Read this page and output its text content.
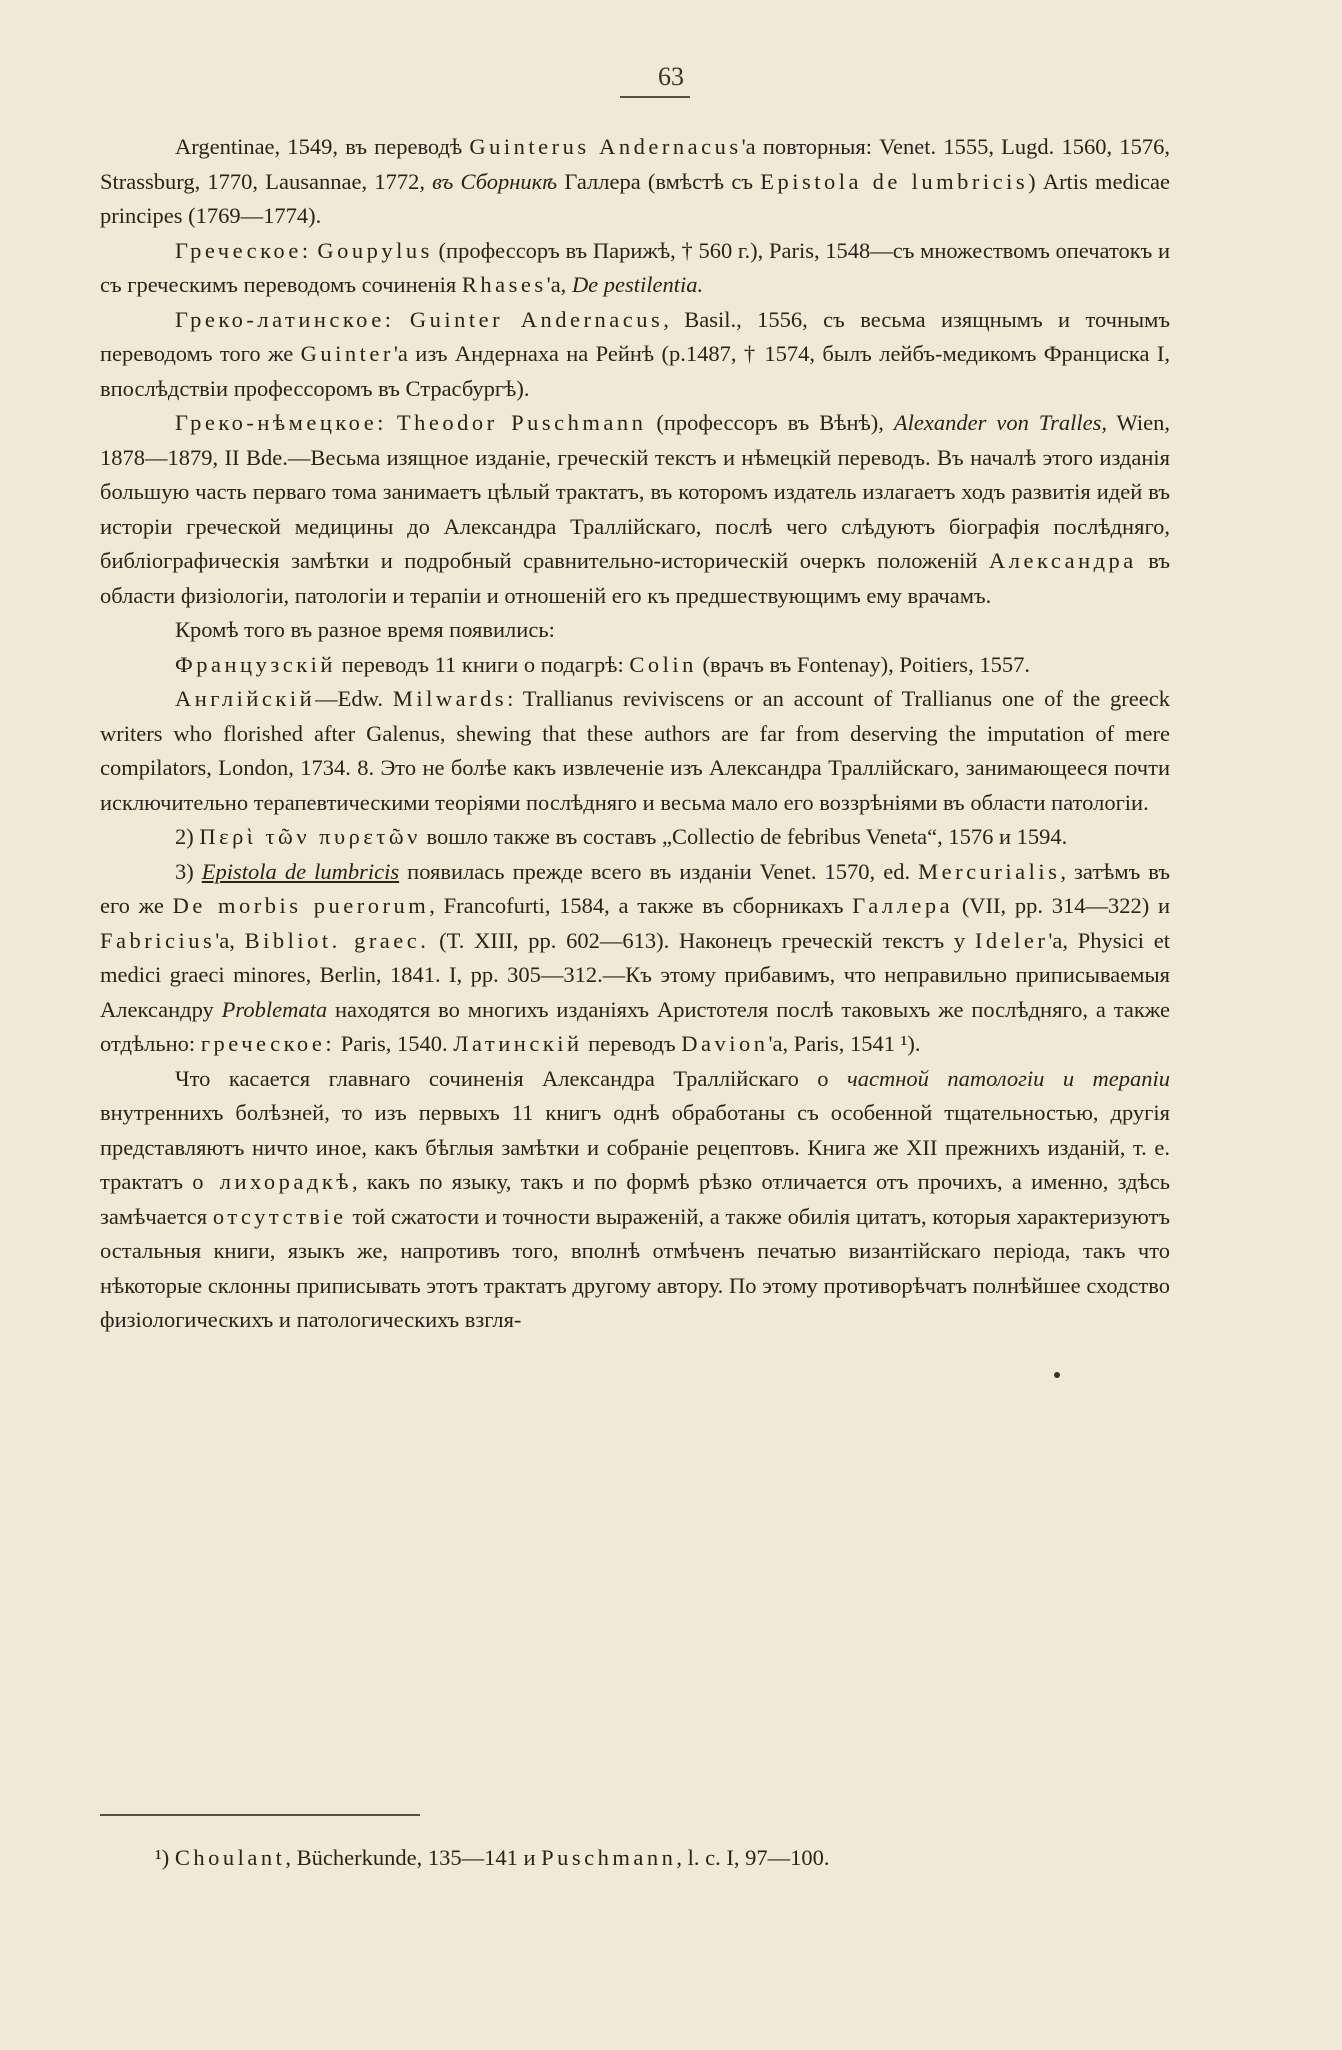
63

Argentinae, 1549, въ переводѣ Guinterus Andernacus'а повторныя: Venet. 1555, Lugd. 1560, 1576, Strassburg, 1770, Lausannae, 1772, въ Сборникѣ Галлера (вмѣстѣ съ Epistola de lumbricis) Artis medicae principes (1769—1774).

Греческое: Goupylus (профессоръ въ Парижѣ, † 560 г.), Paris, 1548—съ множествомъ опечатокъ и съ греческимъ переводомъ сочиненія Rhases'а, De pestilentia.

Греко-латинское: Guinter Andernacus, Basil., 1556, съ весьма изящнымъ и точнымъ переводомъ того же Guinter'а изъ Андернаха на Рейнѣ (р.1487, † 1574, былъ лейбъ-медикомъ Франциска I, впослѣдствіи профессоромъ въ Страсбургѣ).

Греко-нѣмецкое: Theodor Puschmann (профессоръ въ Вѣнѣ), Alexander von Tralles, Wien, 1878—1879, II Bde.—Весьма изящное изданіе, греческій текстъ и нѣмецкій переводъ. Въ началѣ этого изданія большую часть перваго тома занимаетъ цѣлый трактатъ, въ которомъ издатель излагаетъ ходъ развитія идей въ исторіи греческой медицины до Александра Траллійскаго, послѣ чего слѣдуютъ біографія послѣдняго, библіографическія замѣтки и подробный сравнительно-историческій очеркъ положеній Александра въ области физіологіи, патологіи и терапіи и отношеній его къ предшествующимъ ему врачамъ.

Кромѣ того въ разное время появились:

Французскій переводъ 11 книги о подагрѣ: Colin (врачъ въ Fontenay), Poitiers, 1557.

Англійскій—Edw. Milwards: Trallianus reviviscens or an account of Trallianus one of the greeck writers who florished after Galenus, shewing that these authors are far from deserving the imputation of mere compilators, London, 1734. 8. Это не болѣе какъ извлеченіе изъ Александра Траллійскаго, занимающееся почти исключительно терапевтическими теоріями послѣдняго и весьма мало его воззрѣніями въ области патологіи.

2) Περὶ τῶν πυρετῶν вошло также въ составъ „Collectio de febribus Veneta“, 1576 и 1594.

3) Epistola de lumbricis появилась прежде всего въ изданіи Venet. 1570, ed. Mercurialis, затѣмъ въ его же De morbis puerorum, Francofurti, 1584, а также въ сборникахъ Галлера (VII, pp. 314—322) и Fabricius'а, Bibliot. graec. (T. XIII, pp. 602—613). Наконецъ греческій текстъ у Ideler'а, Physici et medici graeci minores, Berlin, 1841. I, pp. 305—312.—Къ этому прибавимъ, что неправильно приписываемыя Александру Problemata находятся во многихъ изданіяхъ Аристотеля послѣ таковыхъ же послѣдняго, а также отдѣльно: греческое: Paris, 1540. Латинскій переводъ Davion'а, Paris, 1541 ¹).

Что касается главнаго сочиненія Александра Траллійскаго о частной патологіи и терапіи внутреннихъ болѣзней, то изъ первыхъ 11 книгъ однѣ обработаны съ особенной тщательностью, другія представляютъ ничто иное, какъ бѣглыя замѣтки и собраніе рецептовъ. Книга же XII прежнихъ изданій, т. е. трактатъ о лихорадкѣ, какъ по языку, такъ и по формѣ рѣзко отличается отъ прочихъ, а именно, здѣсь замѣчается отсутствіе той сжатости и точности выраженій, а также обилія цитатъ, которыя характеризуютъ остальныя книги, языкъ же, напротивъ того, вполнѣ отмѣченъ печатью византійскаго періода, такъ что нѣкоторые склонны приписывать этотъ трактатъ другому автору. По этому противорѣчатъ полнѣйшее сходство физіологическихъ и патологическихъ взгля-

¹) Choulant, Bücherkunde, 135—141 и Puschmann, l. c. I, 97—100.
